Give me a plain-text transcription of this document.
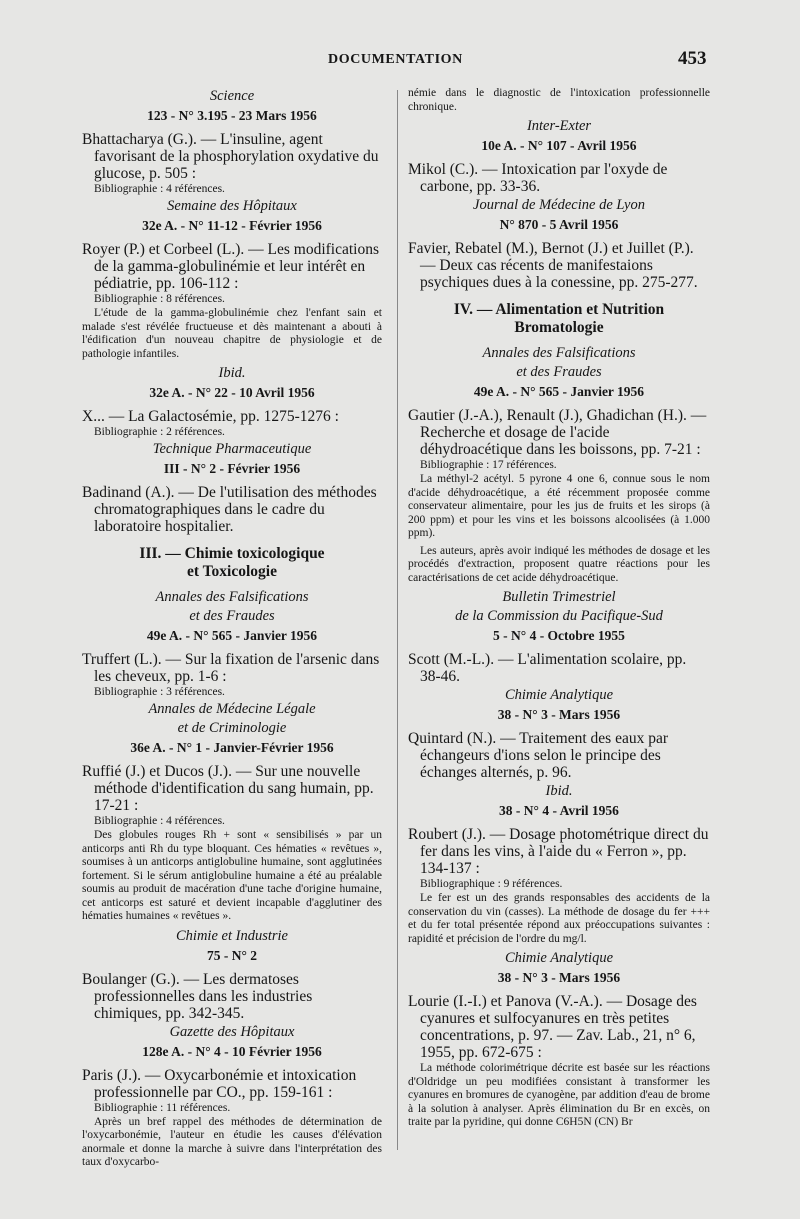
DOCUMENTATION	453
Science
123 - N° 3.195 - 23 Mars 1956
Bhattacharya (G.). — L'insuline, agent favorisant de la phosphorylation oxydative du glucose, p. 505 :
Bibliographie : 4 références.
Semaine des Hôpitaux
32e A. - N° 11-12 - Février 1956
Royer (P.) et Corbeel (L.). — Les modifications de la gamma-globulinémie et leur intérêt en pédiatrie, pp. 106-112 :
Bibliographie : 8 références.
L'étude de la gamma-globulinémie chez l'enfant sain et malade s'est révélée fructueuse et dès maintenant a abouti à l'édification d'un nouveau chapitre de physiologie et de pathologie infantiles.
Ibid.
32e A. - N° 22 - 10 Avril 1956
X... — La Galactosémie, pp. 1275-1276 :
Bibliographie : 2 références.
Technique Pharmaceutique
III - N° 2 - Février 1956
Badinand (A.). — De l'utilisation des méthodes chromatographiques dans le cadre du laboratoire hospitalier.
III. — Chimie toxicologique
et Toxicologie
Annales des Falsifications
et des Fraudes
49e A. - N° 565 - Janvier 1956
Truffert (L.). — Sur la fixation de l'arsenic dans les cheveux, pp. 1-6 :
Bibliographie : 3 références.
Annales de Médecine Légale
et de Criminologie
36e A. - N° 1 - Janvier-Février 1956
Ruffié (J.) et Ducos (J.). — Sur une nouvelle méthode d'identification du sang humain, pp. 17-21 :
Bibliographie : 4 références.
Des globules rouges Rh + sont « sensibilisés » par un anticorps anti Rh du type bloquant. Ces hématies « revêtues », soumises à un anticorps antiglobuline humaine, sont agglutinées fortement. Si le sérum antiglobuline humaine a été au préalable soumis au produit de macération d'une tache d'origine humaine, cet anticorps est saturé et devient incapable d'agglutiner des hématies humaines « revêtues ».
Chimie et Industrie
75 - N° 2
Boulanger (G.). — Les dermatoses professionnelles dans les industries chimiques, pp. 342-345.
Gazette des Hôpitaux
128e A. - N° 4 - 10 Février 1956
Paris (J.). — Oxycarbonémie et intoxication professionnelle par CO., pp. 159-161 :
Bibliographie : 11 références.
Après un bref rappel des méthodes de détermination de l'oxycarbonémie, l'auteur en étudie les causes d'élévation anormale et donne la marche à suivre dans l'interprétation des taux d'oxycarbo-
némie dans le diagnostic de l'intoxication professionnelle chronique.
Inter-Exter
10e A. - N° 107 - Avril 1956
Mikol (C.). — Intoxication par l'oxyde de carbone, pp. 33-36.
Journal de Médecine de Lyon
N° 870 - 5 Avril 1956
Favier, Rebatel (M.), Bernot (J.) et Juillet (P.). — Deux cas récents de manifestaions psychiques dues à la conessine, pp. 275-277.
IV. — Alimentation et Nutrition
Bromatologie
Annales des Falsifications
et des Fraudes
49e A. - N° 565 - Janvier 1956
Gautier (J.-A.), Renault (J.), Ghadichan (H.). — Recherche et dosage de l'acide déhydroacétique dans les boissons, pp. 7-21 :
Bibliographie : 17 références.
La méthyl-2 acétyl. 5 pyrone 4 one 6, connue sous le nom d'acide déhydroacétique, a été récemment proposée comme conservateur alimentaire, pour les jus de fruits et les sirops (à 200 ppm) et pour les vins et les boissons alcoolisées (à 1.000 ppm).
Les auteurs, après avoir indiqué les méthodes de dosage et les procédés d'extraction, proposent quatre réactions pour les caractérisations de cet acide déhydroacétique.
Bulletin Trimestriel
de la Commission du Pacifique-Sud
5 - N° 4 - Octobre 1955
Scott (M.-L.). — L'alimentation scolaire, pp. 38-46.
Chimie Analytique
38 - N° 3 - Mars 1956
Quintard (N.). — Traitement des eaux par échangeurs d'ions selon le principe des échanges alternés, p. 96.
Ibid.
38 - N° 4 - Avril 1956
Roubert (J.). — Dosage photométrique direct du fer dans les vins, à l'aide du « Ferron », pp. 134-137 :
Bibliographique : 9 références.
Le fer est un des grands responsables des accidents de la conservation du vin (casses). La méthode de dosage du fer +++ et du fer total présentée répond aux préoccupations suivantes : rapidité et précision de l'ordre du mg/l.
Chimie Analytique
38 - N° 3 - Mars 1956
Lourie (I.-I.) et Panova (V.-A.). — Dosage des cyanures et sulfocyanures en très petites concentrations, p. 97. — Zav. Lab., 21, n° 6, 1955, pp. 672-675 :
La méthode colorimétrique décrite est basée sur les réactions d'Oldridge un peu modifiées consistant à transformer les cyanures en bromures de cyanogène, par addition d'eau de brome à la solution à analyser. Après élimination du Br en excès, on traite par la pyridine, qui donne C6H5N (CN) Br
